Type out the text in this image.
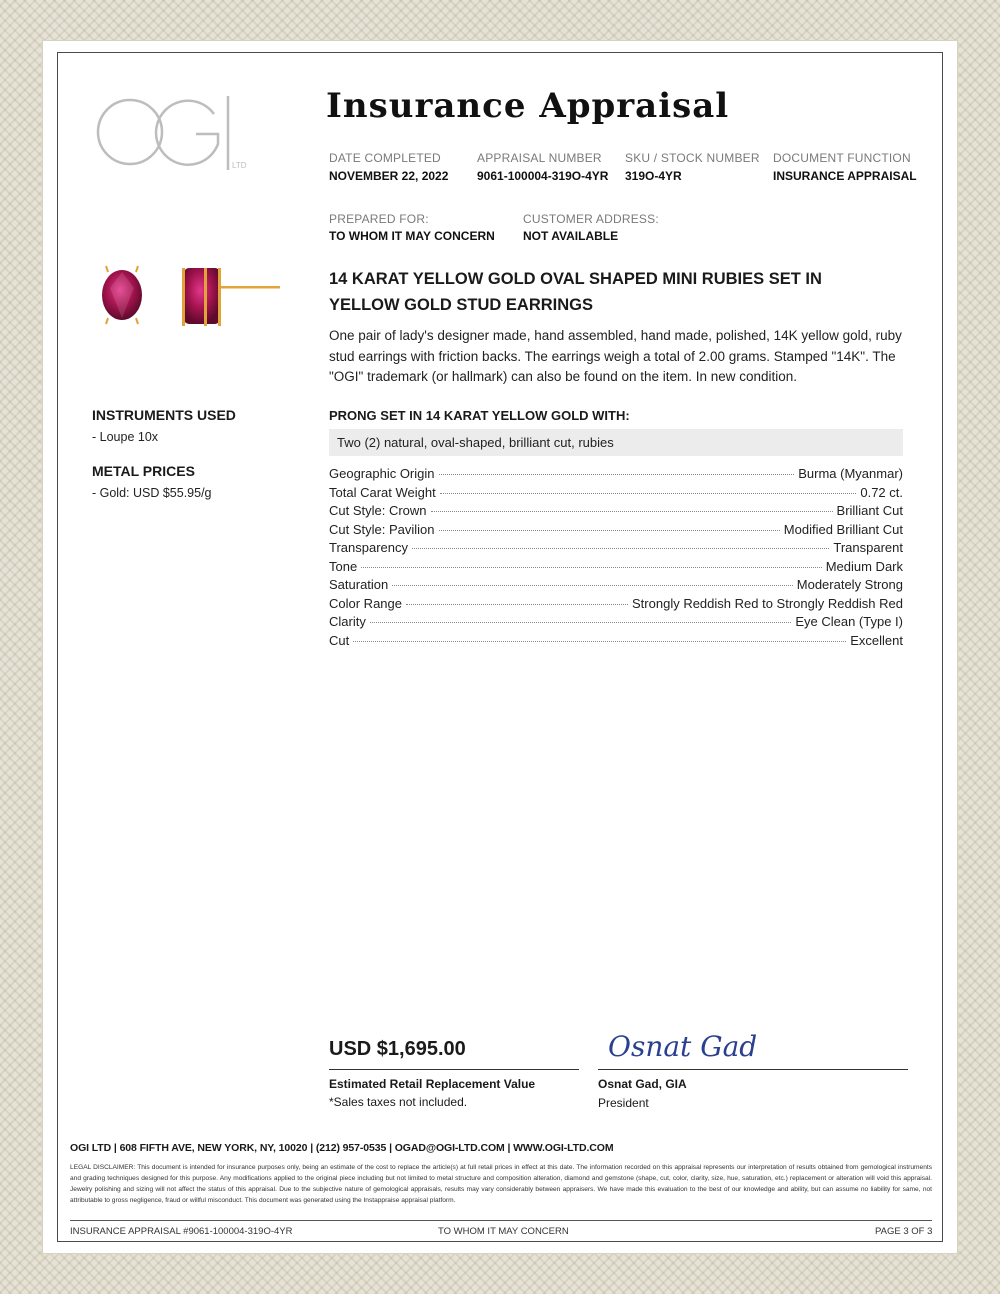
LTD
Insurance Appraisal
DATE COMPLETED
NOVEMBER 22, 2022
APPRAISAL NUMBER
9061-100004-319O-4YR
SKU / STOCK NUMBER
319O-4YR
DOCUMENT FUNCTION
INSURANCE APPRAISAL
PREPARED FOR:
TO WHOM IT MAY CONCERN
CUSTOMER ADDRESS:
NOT AVAILABLE
INSTRUMENTS USED
- Loupe 10x
METAL PRICES
- Gold: USD $55.95/g
14 KARAT YELLOW GOLD OVAL SHAPED MINI RUBIES SET IN YELLOW GOLD STUD EARRINGS
One pair of lady's designer made, hand assembled, hand made, polished, 14K yellow gold, ruby stud earrings with friction backs. The earrings weigh a total of 2.00 grams. Stamped "14K". The "OGI" trademark (or hallmark) can also be found on the item. In new condition.
PRONG SET IN 14 KARAT YELLOW GOLD WITH:
Two (2) natural, oval-shaped, brilliant cut, rubies
Geographic Origin	Burma (Myanmar)
Total Carat Weight	0.72 ct.
Cut Style: Crown	Brilliant Cut
Cut Style: Pavilion	Modified Brilliant Cut
Transparency	Transparent
Tone	Medium Dark
Saturation	Moderately Strong
Color Range	Strongly Reddish Red to Strongly Reddish Red
Clarity	Eye Clean (Type I)
Cut	Excellent
USD $1,695.00
Estimated Retail Replacement Value
*Sales taxes not included.
Osnat Gad
Osnat Gad, GIA
President
OGI LTD | 608 FIFTH AVE, NEW YORK, NY, 10020 | (212) 957-0535 | OGAD@OGI-LTD.COM | WWW.OGI-LTD.COM
LEGAL DISCLAIMER: This document is intended for insurance purposes only, being an estimate of the cost to replace the article(s) at full retail prices in effect at this date. The information recorded on this appraisal represents our interpretation of results obtained from gemological instruments and grading techniques designed for this purpose. Any modifications applied to the original piece including but not limited to metal structure and composition alteration, diamond and gemstone (shape, cut, color, clarity, size, hue, saturation, etc.) replacement or alteration will void this appraisal. Jewelry polishing and sizing will not affect the status of this appraisal. Due to the subjective nature of gemological appraisals, results may vary considerably between appraisers. We have made this evaluation to the best of our knowledge and ability, but can assume no liability for same, not attributable to gross negligence, fraud or willful misconduct. This document was generated using the Instappraise appraisal platform.
INSURANCE APPRAISAL #9061-100004-319O-4YR	TO WHOM IT MAY CONCERN	PAGE 3 OF 3
